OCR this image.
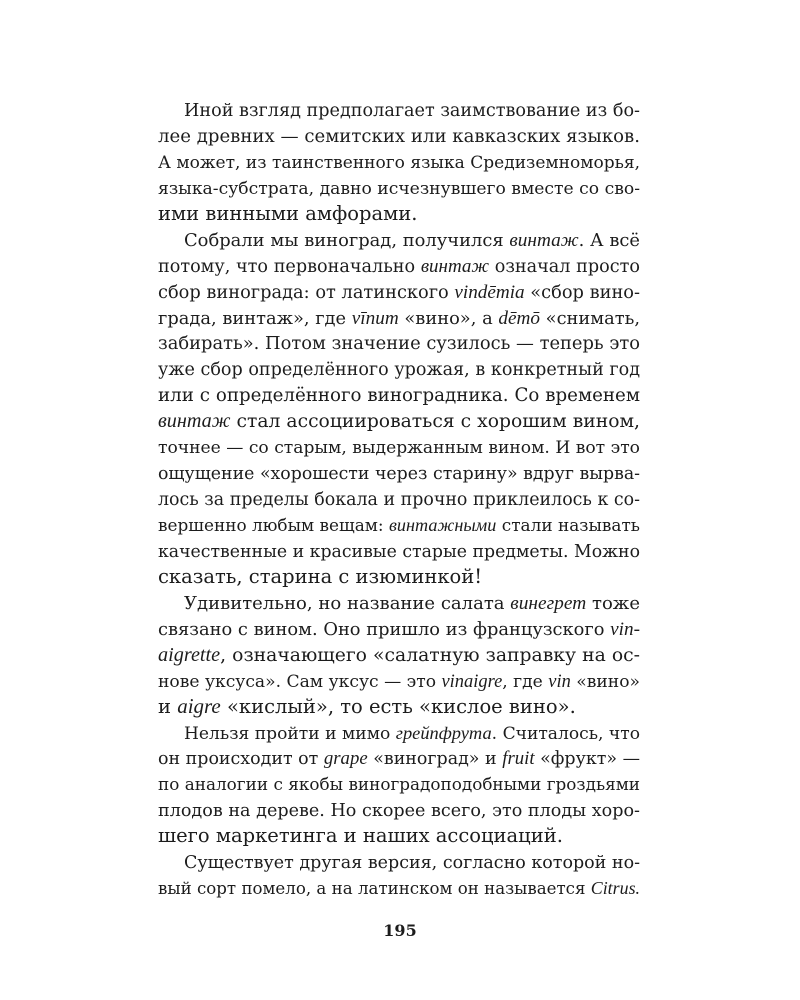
Иной взгляд предполагает заимствование из бо-
лее древних — семитских или кавказских языков.
А может, из таинственного языка Средиземноморья,
языка-субстрата, давно исчезнувшего вместе со сво-
ими винными амфорами.
Собрали мы виноград, получился винтаж. А всё
потому, что первоначально винтаж означал просто
сбор винограда: от латинского vindēmia «сбор вино-
града, винтаж», где vīnum «вино», а dēmō «снимать,
забирать». Потом значение сузилось — теперь это
уже сбор определённого урожая, в конкретный год
или с определённого виноградника. Со временем
винтаж стал ассоциироваться с хорошим вином,
точнее — со старым, выдержанным вином. И вот это
ощущение «хорошести через старину» вдруг вырва-
лось за пределы бокала и прочно приклеилось к со-
вершенно любым вещам: винтажными стали называть
качественные и красивые старые предметы. Можно
сказать, старина с изюминкой!
Удивительно, но название салата винегрет тоже
связано с вином. Оно пришло из французского vin-
aigrette, означающего «салатную заправку на ос-
нове уксуса». Сам уксус — это vinaigre, где vin «вино»
и aigre «кислый», то есть «кислое вино».
Нельзя пройти и мимо грейпфрута. Считалось, что
он происходит от grape «виноград» и fruit «фрукт» —
по аналогии с якобы виноградоподобными гроздьями
плодов на дереве. Но скорее всего, это плоды хоро-
шего маркетинга и наших ассоциаций.
Существует другая версия, согласно которой но-
вый сорт помело, а на латинском он называется Citrus.
195
